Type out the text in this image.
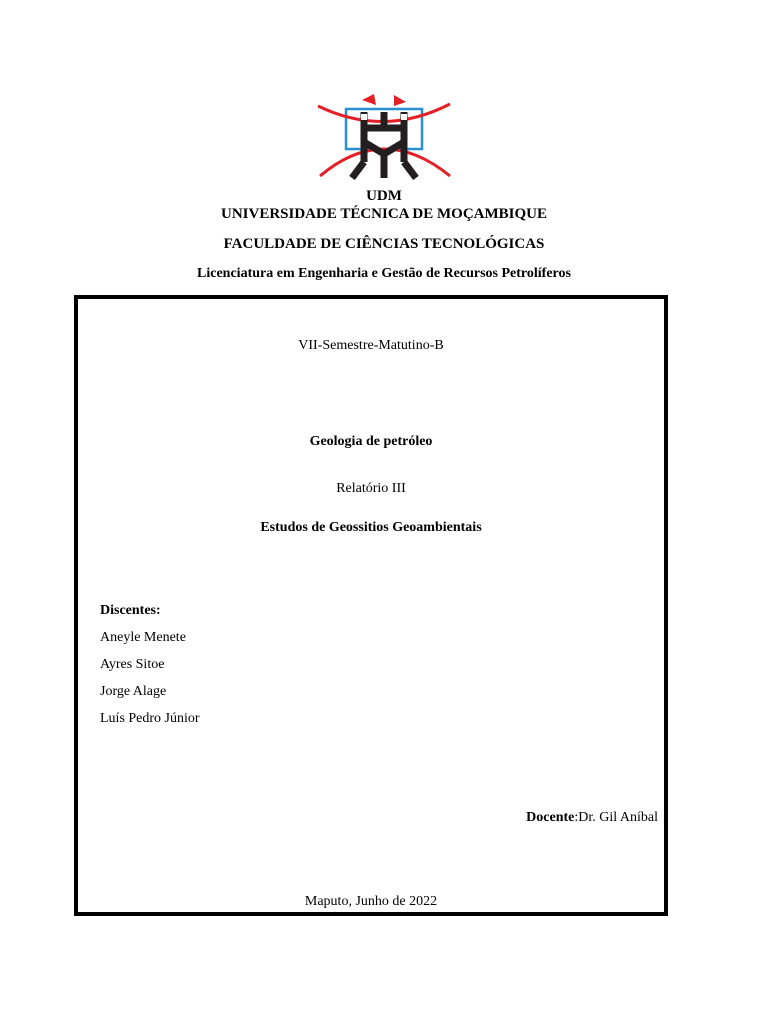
UDM
UNIVERSIDADE TÉCNICA DE MOÇAMBIQUE
FACULDADE DE CIÊNCIAS TECNOLÓGICAS
Licenciatura em Engenharia e Gestão de Recursos Petrolíferos
VII-Semestre-Matutino-B
Geologia de petróleo
Relatório III
Estudos de Geossitios Geoambientais
Discentes:
Aneyle Menete
Ayres Sitoe
Jorge Alage
Luís Pedro Júnior
Docente:Dr. Gil Aníbal
Maputo, Junho de 2022
